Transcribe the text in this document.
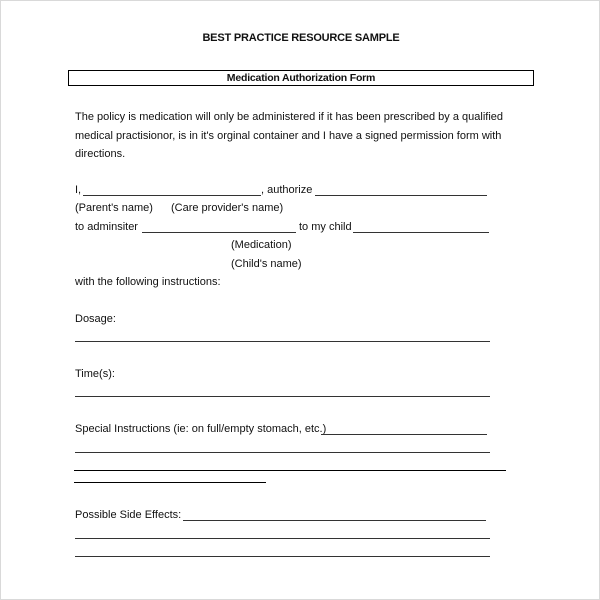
BEST PRACTICE RESOURCE SAMPLE
Medication Authorization Form
The policy is medication will only be administered if it has been prescribed by a qualified medical practisionor, is in it's orginal container and I have a signed permission form with directions.
I,	, authorize
(Parent's name) (Care provider's name)
to adminsiter	to my child
(Medication)
(Child's name)
with the following instructions:
Dosage:
Time(s):
Special Instructions (ie: on full/empty stomach, etc.)
Possible Side Effects:
